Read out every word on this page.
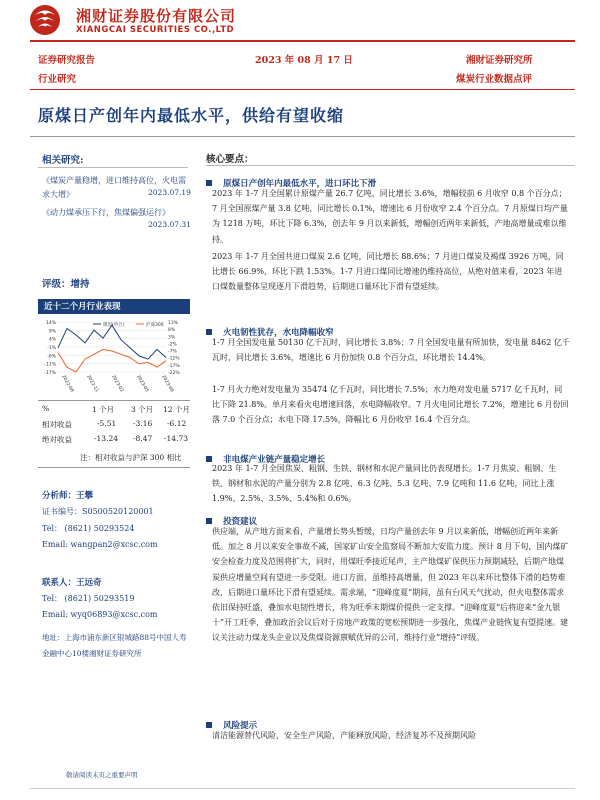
湘财证券股份有限公司
XIANGCAI SECURITIES CO.,LTD
证券研究报告	2023 年 08 月 17 日	湘财证券研究所
行业研究	煤炭行业数据点评
原煤日产创年内最低水平，供给有望收缩
相关研究:
《煤炭产量稳增，进口维持高位，火电需求大增》	2023.07.19
《动力煤承压下行，焦煤偏强运行》
2023.07.31
评级：增持
近十二个月行业表现
14%
9%
4%
-1%
-6%
-11%
-17%
13%
8%
3%
-2%
-7%
-12%
-17%
-22%
2022-08	2022-11	2023-02	2023-05	2023-08
煤炭(申万)	沪深300
%	1 个月 3 个月 12 个月
相对收益	-5.51 -3.16 -6.12
绝对收益	-13.24 -8.47 -14.73
注：相对收益与沪深 300 相比
分析师：王攀
证书编号：S0500520120001
Tel： (8621) 50293524
Email: wangpan2@xcsc.com
联系人：王远奇
Tel： (8621) 50293519
Email: wyq06893@xcsc.com
地址：上海市浦东新区银城路88号中国人寿金融中心10楼湘财证券研究所
核心要点：
原煤日产创年内最低水平，进口环比下滑
2023 年 1-7 月全国累计原煤产量 26.7 亿吨，同比增长 3.6%，增幅较前 6 月收窄 0.8 个百分点；7 月全国原煤产量 3.8 亿吨，同比增长 0.1%，增速比 6 月份收窄 2.4 个百分点。7 月原煤日均产量为 1218 万吨，环比下降 6.3%，创去年 9 月以来新低，增幅创近两年来新低，产地高增量或难以维持。
2023 年 1-7 月全国共进口煤炭 2.6 亿吨，同比增长 88.6%；7 月进口煤炭及褐煤 3926 万吨，同比增长 66.9%，环比下跌 1.53%。1-7 月进口煤同比增速仍维持高位，从绝对值来看，2023 年进口煤数量整体呈现逐月下滑趋势，后期进口量环比下滑有望延续。
火电韧性犹存，水电降幅收窄
1-7 月全国发电量 50130 亿千瓦时，同比增长 3.8%；7 月全国发电量有所加快，发电量 8462 亿千瓦时，同比增长 3.6%，增速比 6 月份加快 0.8 个百分点，环比增长 14.4%。
1-7 月火力绝对发电量为 35474 亿千瓦时，同比增长 7.5%；水力绝对发电量 5717 亿千瓦时，同比下降 21.8%。单月来看火电增速回落，水电降幅收窄。7 月火电同比增长 7.2%，增速比 6 月份回落 7.0 个百分点；水电下降 17.5%，降幅比 6 月份收窄 16.4 个百分点。
非电煤产业链产量稳定增长
2023 年 1-7 月全国焦炭、粗钢、生铁、钢材和水泥产量同比仍表现增长。1-7 月焦炭、粗钢、生铁、钢材和水泥的产量分别为 2.8 亿吨、6.3 亿吨、5.3 亿吨、7.9 亿吨和 11.6 亿吨，同比上涨 1.9%、2.5%、3.5%、5.4%和 0.6%。
投资建议
供应端，从产地方面来看，产量增长势头暂缓，日均产量创去年 9 月以来新低，增幅创近两年来新低。加之 8 月以来安全事故不减，国家矿山安全监察局不断加大安监力度。预计 8 月下旬，国内煤矿安全检查力度及范围将扩大，同时，用煤旺季接近尾声，主产地煤矿保供压力预期减轻，后期产地煤炭供应增量空间有望进一步受限。进口方面，虽维持高增量，但 2023 年以来环比整体下滑的趋势难改，后期进口量环比下滑有望延续。需求端，“迎峰度夏”期间，虽有台风天气扰动，但火电整体需求依旧保持旺盛，叠加水电韧性增长，将为旺季末期煤价提供一定支撑。“迎峰度夏”后将迎来“金九银十”开工旺季，叠加政治会议后对于房地产政策的宽松预期进一步强化，焦煤产业链恢复有望提速。建议关注动力煤龙头企业以及焦煤资源禀赋优异的公司，维持行业“增持”评级。
风险提示
清洁能源替代风险，安全生产风险，产能释放风险，经济复苏不及预期风险
敬请阅读末页之重要声明
